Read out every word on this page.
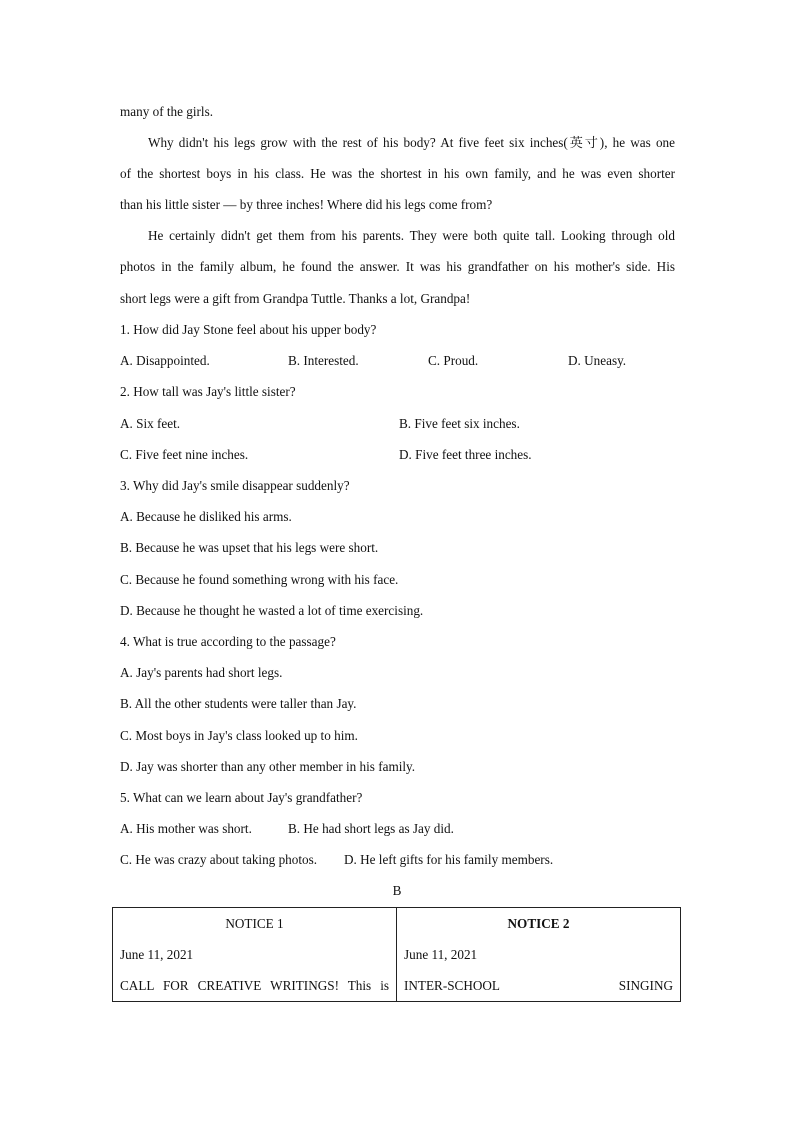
many of the girls.
Why didn't his legs grow with the rest of his body? At five feet six inches(英寸), he was one
of the shortest boys in his class. He was the shortest in his own family, and he was even shorter
than his little sister — by three inches! Where did his legs come from?
He certainly didn't get them from his parents. They were both quite tall. Looking through old
photos in the family album, he found the answer. It was his grandfather on his mother's side. His
short legs were a gift from Grandpa Tuttle. Thanks a lot, Grandpa!
1. How did Jay Stone feel about his upper body?
A. Disappointed.	B. Interested.	C. Proud.	D. Uneasy.
2. How tall was Jay's little sister?
A. Six feet.	B. Five feet six inches.
C. Five feet nine inches.	D. Five feet three inches.
3. Why did Jay's smile disappear suddenly?
A. Because he disliked his arms.
B. Because he was upset that his legs were short.
C. Because he found something wrong with his face.
D. Because he thought he wasted a lot of time exercising.
4. What is true according to the passage?
A. Jay's parents had short legs.
B. All the other students were taller than Jay.
C. Most boys in Jay's class looked up to him.
D. Jay was shorter than any other member in his family.
5. What can we learn about Jay's grandfather?
A. His mother was short.	B. He had short legs as Jay did.
C. He was crazy about taking photos. D. He left gifts for his family members.
B
NOTICE 1
June 11, 2021
CALL FOR CREATIVE WRITINGS! This is

NOTICE 2
June 11, 2021
INTER-SCHOOL	SINGING
